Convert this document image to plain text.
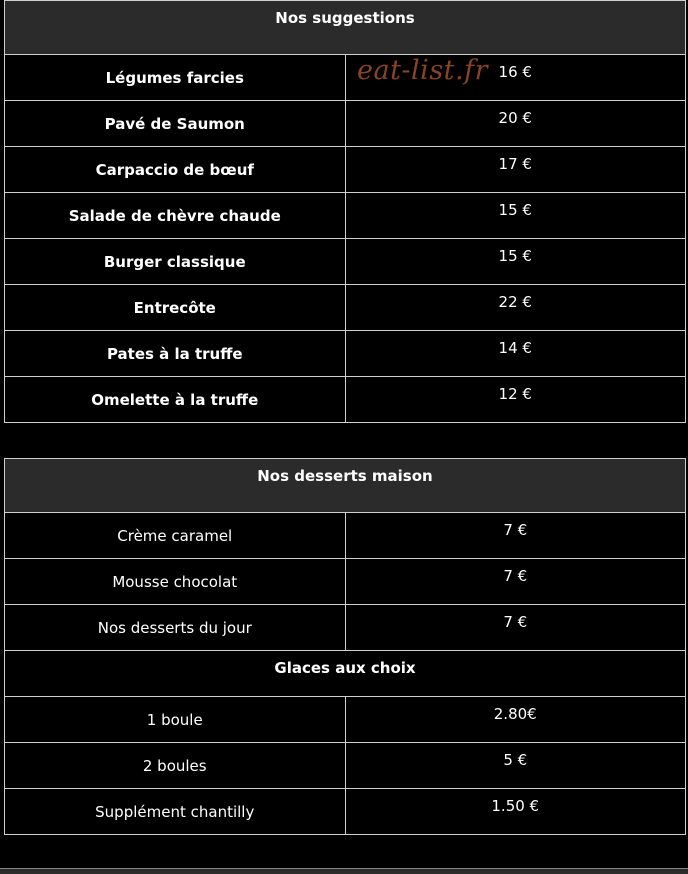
Nos suggestions	
Légumes farcies	16 €
Pavé de Saumon	20 €
Carpaccio de bœuf	17 €
Salade de chèvre chaude	15 €
Burger classique	15 €
Entrecôte	22 €
Pates à la truffe	14 €
Omelette à la truffe	12 €
eat-list.fr
Nos desserts maison	
Crème caramel	7 €
Mousse chocolat	7 €
Nos desserts du jour	7 €
Glaces aux choix	
1 boule	2.80€
2 boules	5 €
Supplément chantilly	1.50 €
